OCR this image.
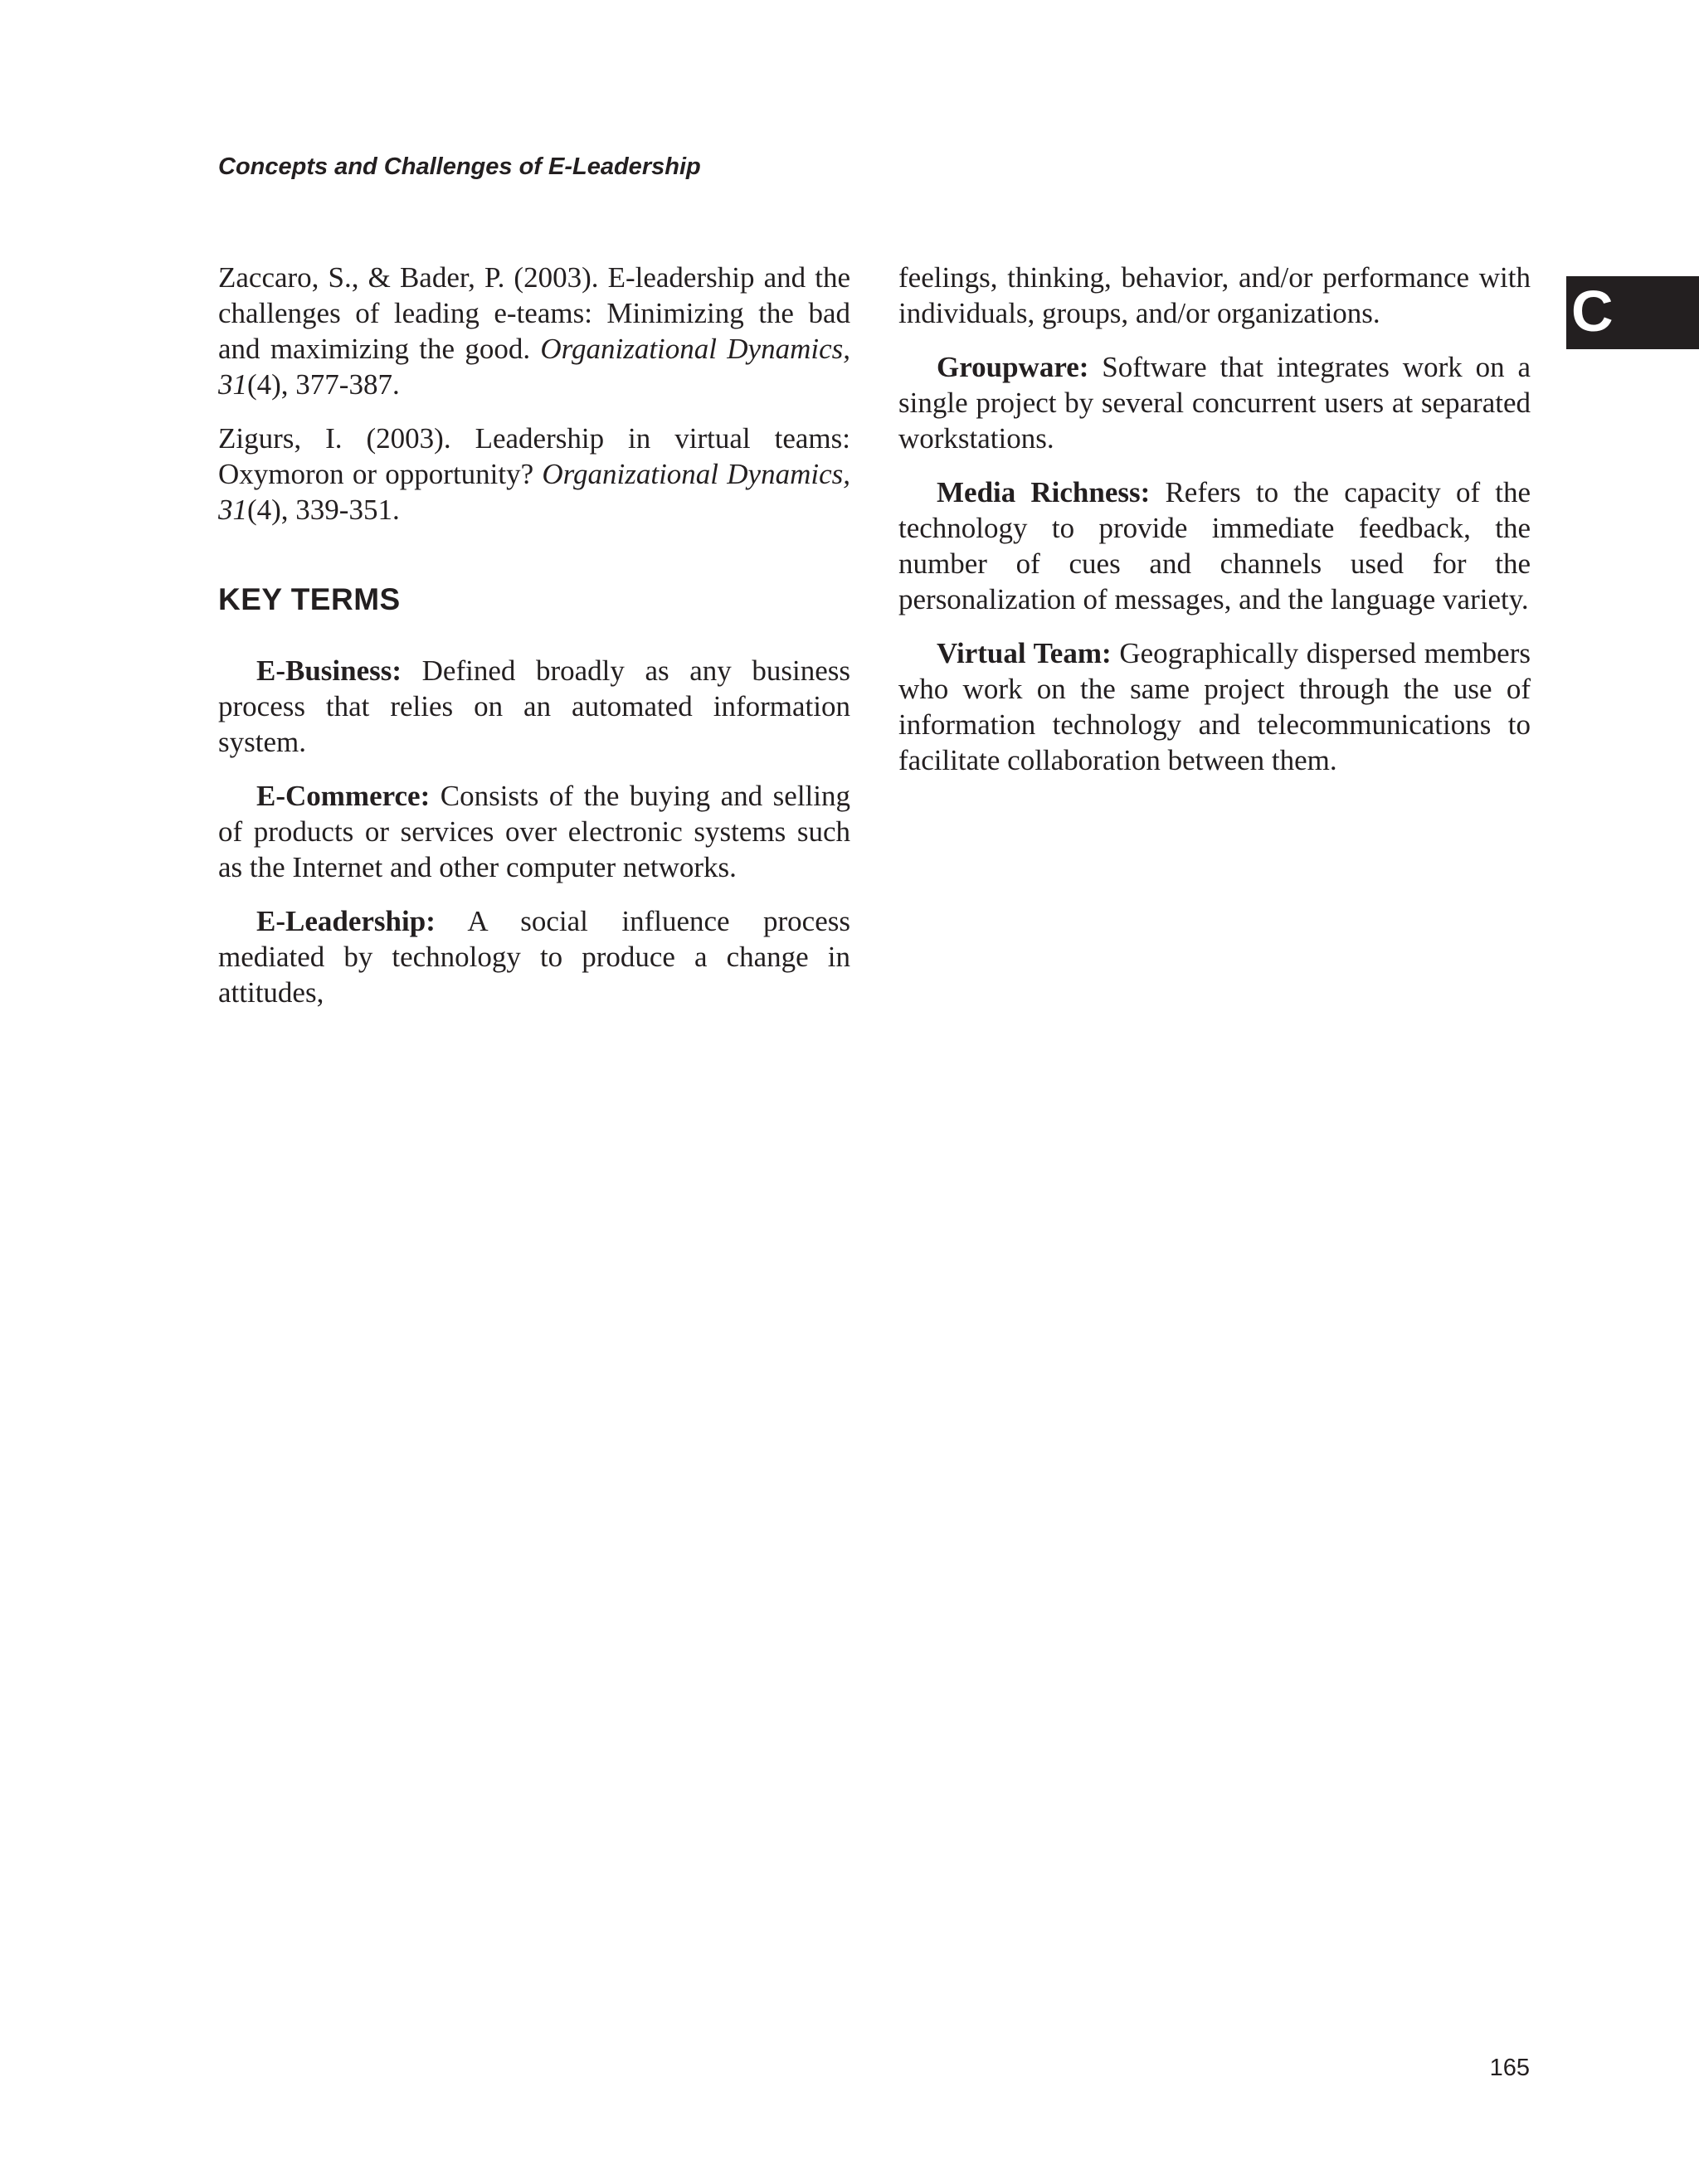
Concepts and Challenges of E-Leadership
C

Zaccaro, S., & Bader, P. (2003). E-leadership and the challenges of leading e-teams: Minimizing the bad and maximizing the good. Organizational Dynamics, 31(4), 377-387.

Zigurs, I. (2003). Leadership in virtual teams: Oxymoron or opportunity? Organizational Dynamics, 31(4), 339-351.

KEY TERMS

E-Business: Defined broadly as any business process that relies on an automated information system.

E-Commerce: Consists of the buying and selling of products or services over electronic systems such as the Internet and other computer networks.

E-Leadership: A social influence process mediated by technology to produce a change in attitudes,

feelings, thinking, behavior, and/or performance with individuals, groups, and/or organizations.

Groupware: Software that integrates work on a single project by several concurrent users at separated workstations.

Media Richness: Refers to the capacity of the technology to provide immediate feedback, the number of cues and channels used for the personalization of messages, and the language variety.

Virtual Team: Geographically dispersed members who work on the same project through the use of information technology and telecommunications to facilitate collaboration between them.

165
